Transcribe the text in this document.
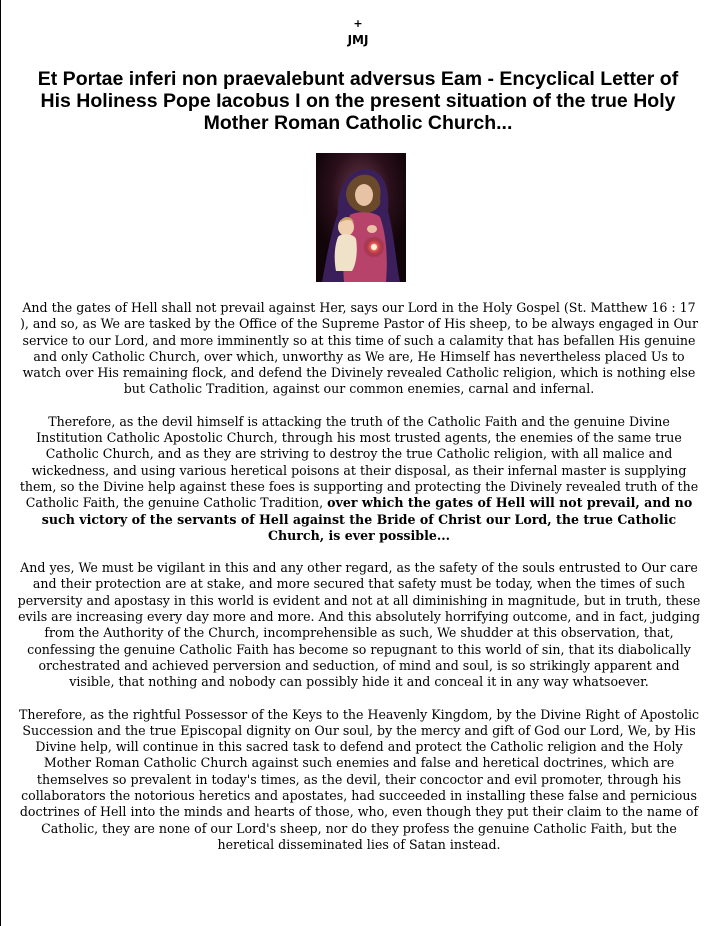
+
JMJ
Et Portae inferi non praevalebunt adversus Eam - Encyclical Letter of His Holiness Pope Iacobus I on the present situation of the true Holy Mother Roman Catholic Church...

And the gates of Hell shall not prevail against Her, says our Lord in the Holy Gospel (St. Matthew 16 : 17 ), and so, as We are tasked by the Office of the Supreme Pastor of His sheep, to be always engaged in Our service to our Lord, and more imminently so at this time of such a calamity that has befallen His genuine and only Catholic Church, over which, unworthy as We are, He Himself has nevertheless placed Us to watch over His remaining flock, and defend the Divinely revealed Catholic religion, which is nothing else but Catholic Tradition, against our common enemies, carnal and infernal.

Therefore, as the devil himself is attacking the truth of the Catholic Faith and the genuine Divine Institution Catholic Apostolic Church, through his most trusted agents, the enemies of the same true Catholic Church, and as they are striving to destroy the true Catholic religion, with all malice and wickedness, and using various heretical poisons at their disposal, as their infernal master is supplying them, so the Divine help against these foes is supporting and protecting the Divinely revealed truth of the Catholic Faith, the genuine Catholic Tradition, over which the gates of Hell will not prevail, and no such victory of the servants of Hell against the Bride of Christ our Lord, the true Catholic Church, is ever possible...

And yes, We must be vigilant in this and any other regard, as the safety of the souls entrusted to Our care and their protection are at stake, and more secured that safety must be today, when the times of such perversity and apostasy in this world is evident and not at all diminishing in magnitude, but in truth, these evils are increasing every day more and more. And this absolutely horrifying outcome, and in fact, judging from the Authority of the Church, incomprehensible as such, We shudder at this observation, that, confessing the genuine Catholic Faith has become so repugnant to this world of sin, that its diabolically orchestrated and achieved perversion and seduction, of mind and soul, is so strikingly apparent and visible, that nothing and nobody can possibly hide it and conceal it in any way whatsoever.

Therefore, as the rightful Possessor of the Keys to the Heavenly Kingdom, by the Divine Right of Apostolic Succession and the true Episcopal dignity on Our soul, by the mercy and gift of God our Lord, We, by His Divine help, will continue in this sacred task to defend and protect the Catholic religion and the Holy Mother Roman Catholic Church against such enemies and false and heretical doctrines, which are themselves so prevalent in today's times, as the devil, their concoctor and evil promoter, through his collaborators the notorious heretics and apostates, had succeeded in installing these false and pernicious doctrines of Hell into the minds and hearts of those, who, even though they put their claim to the name of Catholic, they are none of our Lord's sheep, nor do they profess the genuine Catholic Faith, but the heretical disseminated lies of Satan instead.
